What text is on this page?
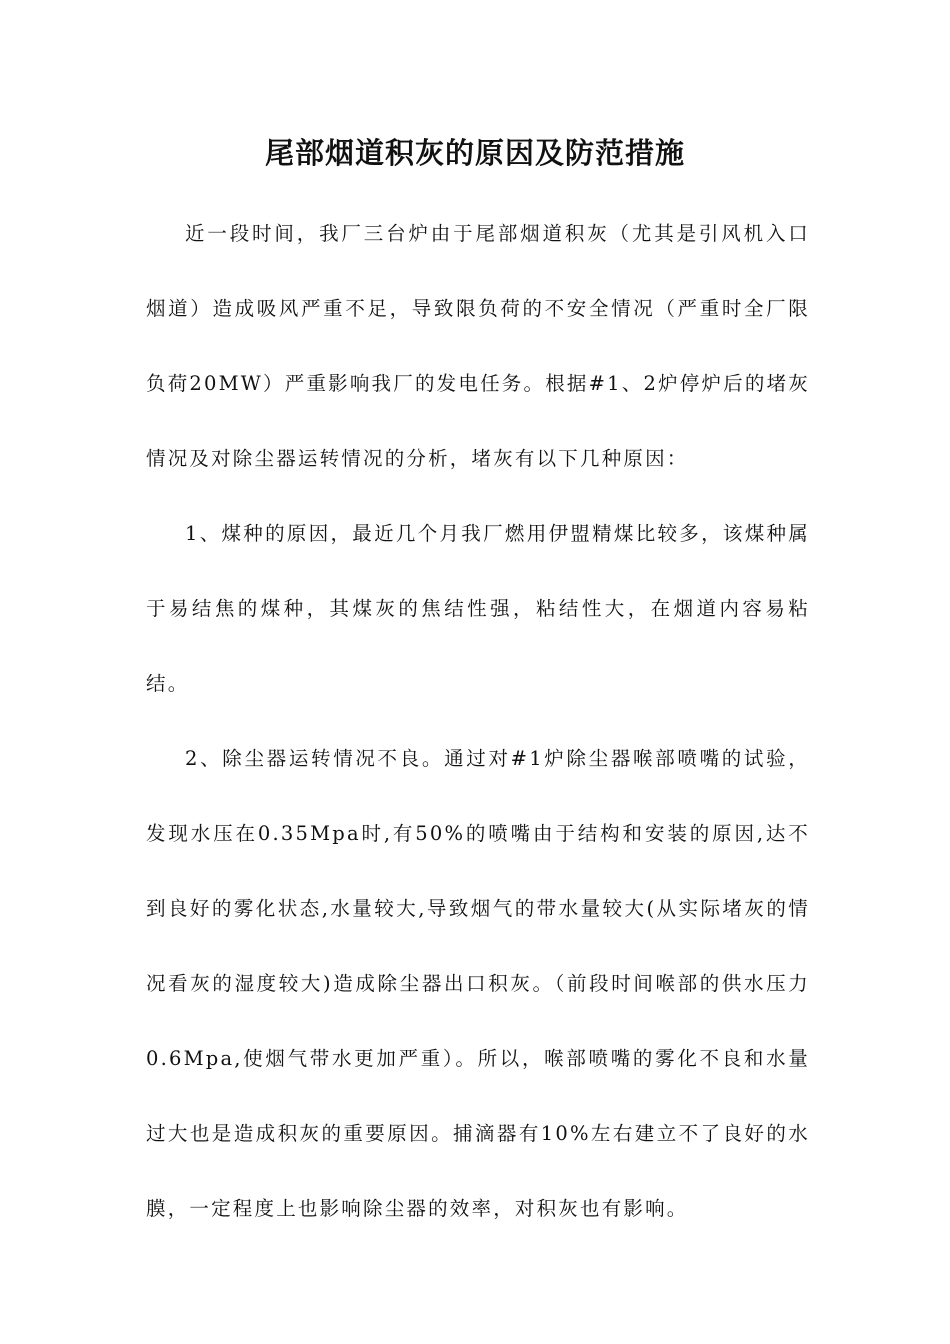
尾部烟道积灰的原因及防范措施

近一段时间，我厂三台炉由于尾部烟道积灰（尤其是引风机入口烟道）造成吸风严重不足，导致限负荷的不安全情况（严重时全厂限负荷20MW）严重影响我厂的发电任务。根据#1、2炉停炉后的堵灰情况及对除尘器运转情况的分析，堵灰有以下几种原因：

1、煤种的原因，最近几个月我厂燃用伊盟精煤比较多，该煤种属于易结焦的煤种，其煤灰的焦结性强，粘结性大，在烟道内容易粘结。

2、除尘器运转情况不良。通过对#1炉除尘器喉部喷嘴的试验，发现水压在0.35Mpa时,有50%的喷嘴由于结构和安装的原因,达不到良好的雾化状态,水量较大,导致烟气的带水量较大(从实际堵灰的情况看灰的湿度较大)造成除尘器出口积灰。（前段时间喉部的供水压力0.6Mpa,使烟气带水更加严重）。所以，喉部喷嘴的雾化不良和水量过大也是造成积灰的重要原因。捕滴器有10%左右建立不了良好的水膜，一定程度上也影响除尘器的效率，对积灰也有影响。
